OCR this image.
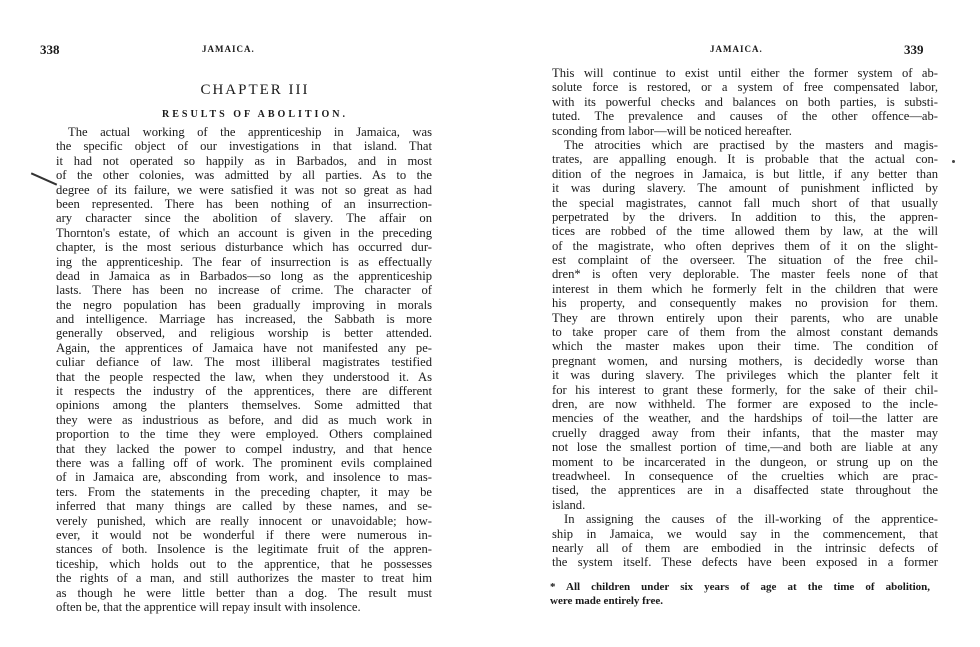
338	JAMAICA.
CHAPTER III
RESULTS OF ABOLITION.
The actual working of the apprenticeship in Jamaica, was
the specific object of our investigations in that island. That
it had not operated so happily as in Barbados, and in most
of the other colonies, was admitted by all parties. As to the
degree of its failure, we were satisfied it was not so great as had
been represented. There has been nothing of an insurrection-
ary character since the abolition of slavery. The affair on
Thornton's estate, of which an account is given in the preceding
chapter, is the most serious disturbance which has occurred dur-
ing the apprenticeship. The fear of insurrection is as effectually
dead in Jamaica as in Barbados—so long as the apprenticeship
lasts. There has been no increase of crime. The character of
the negro population has been gradually improving in morals
and intelligence. Marriage has increased, the Sabbath is more
generally observed, and religious worship is better attended.
Again, the apprentices of Jamaica have not manifested any pe-
culiar defiance of law. The most illiberal magistrates testified
that the people respected the law, when they understood it. As
it respects the industry of the apprentices, there are different
opinions among the planters themselves. Some admitted that
they were as industrious as before, and did as much work in
proportion to the time they were employed. Others complained
that they lacked the power to compel industry, and that hence
there was a falling off of work. The prominent evils complained
of in Jamaica are, absconding from work, and insolence to mas-
ters. From the statements in the preceding chapter, it may be
inferred that many things are called by these names, and se-
verely punished, which are really innocent or unavoidable; how-
ever, it would not be wonderful if there were numerous in-
stances of both. Insolence is the legitimate fruit of the appren-
ticeship, which holds out to the apprentice, that he possesses
the rights of a man, and still authorizes the master to treat him
as though he were little better than a dog. The result must
often be, that the apprentice will repay insult with insolence.
JAMAICA.	339
This will continue to exist until either the former system of ab-
solute force is restored, or a system of free compensated labor,
with its powerful checks and balances on both parties, is substi-
tuted. The prevalence and causes of the other offence—ab-
sconding from labor—will be noticed hereafter.
The atrocities which are practised by the masters and magis-
trates, are appalling enough. It is probable that the actual con-
dition of the negroes in Jamaica, is but little, if any better than
it was during slavery. The amount of punishment inflicted by
the special magistrates, cannot fall much short of that usually
perpetrated by the drivers. In addition to this, the appren-
tices are robbed of the time allowed them by law, at the will
of the magistrate, who often deprives them of it on the slight-
est complaint of the overseer. The situation of the free chil-
dren* is often very deplorable. The master feels none of that
interest in them which he formerly felt in the children that were
his property, and consequently makes no provision for them.
They are thrown entirely upon their parents, who are unable
to take proper care of them from the almost constant demands
which the master makes upon their time. The condition of
pregnant women, and nursing mothers, is decidedly worse than
it was during slavery. The privileges which the planter felt it
for his interest to grant these formerly, for the sake of their chil-
dren, are now withheld. The former are exposed to the incle-
mencies of the weather, and the hardships of toil—the latter are
cruelly dragged away from their infants, that the master may
not lose the smallest portion of time,—and both are liable at any
moment to be incarcerated in the dungeon, or strung up on the
treadwheel. In consequence of the cruelties which are prac-
tised, the apprentices are in a disaffected state throughout the
island.
In assigning the causes of the ill-working of the apprentice-
ship in Jamaica, we would say in the commencement, that
nearly all of them are embodied in the intrinsic defects of
the system itself. These defects have been exposed in a former
* All children under six years of age at the time of abolition,
were made entirely free.
